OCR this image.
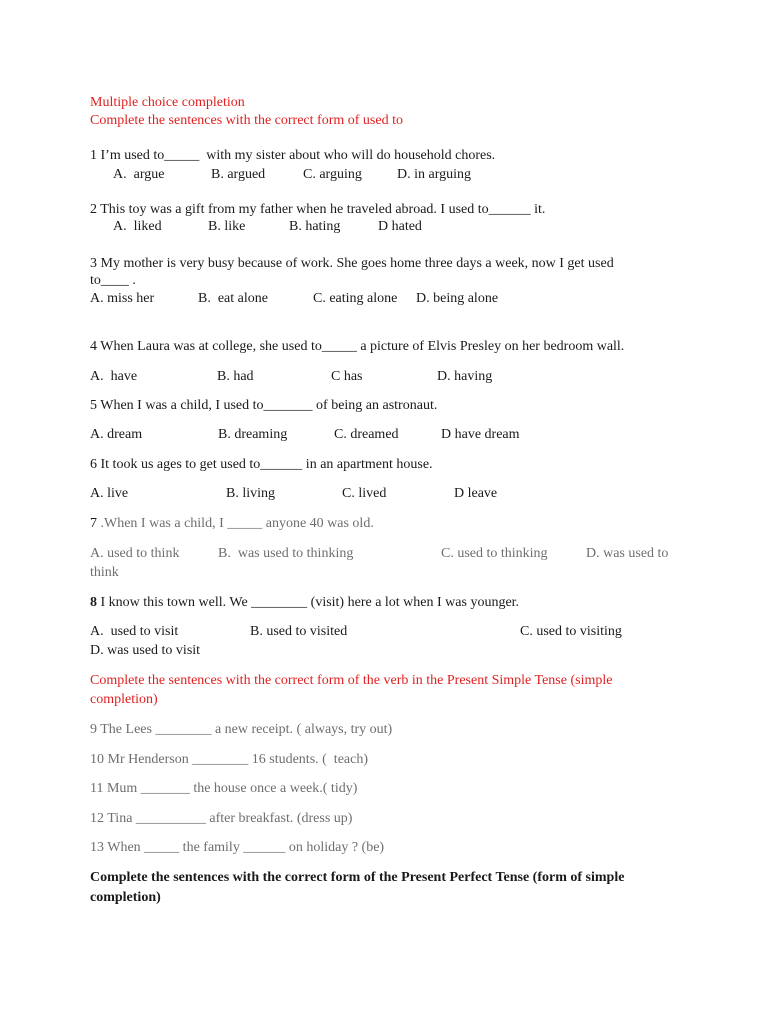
Multiple choice completion
Complete the sentences with the correct form of used to
1 I’m used to_____  with my sister about who will do household chores.
A.  argue	B. argued	C. arguing	D. in arguing
2 This toy was a gift from my father when he traveled abroad. I used to______ it.
A.  liked	B. like	B. hating	D hated
3 My mother is very busy because of work. She goes home three days a week, now I get used
to____ .
A. miss her	B.  eat alone	C. eating alone D. being alone
4 When Laura was at college, she used to_____ a picture of Elvis Presley on her bedroom wall.
A.  have	B. had	C has	D. having
5 When I was a child, I used to_______ of being an astronaut.
A. dream	B. dreaming	C. dreamed	D have dream
6 It took us ages to get used to______ in an apartment house.
A. live	B. living	C. lived	D leave
7 .When I was a child, I _____ anyone 40 was old.
A. used to think	B.  was used to thinking	C. used to thinking	D. was used to
think
8 I know this town well. We ________ (visit) here a lot when I was younger.
A.  used to visit	B. used to visited	C. used to visiting
D. was used to visit
Complete the sentences with the correct form of the verb in the Present Simple Tense (simple
completion)
9 The Lees ________ a new receipt. ( always, try out)
10 Mr Henderson ________ 16 students. (  teach)
11 Mum _______ the house once a week.( tidy)
12 Tina __________ after breakfast. (dress up)
13 When _____ the family ______ on holiday ? (be)
Complete the sentences with the correct form of the Present Perfect Tense (form of simple
completion)
